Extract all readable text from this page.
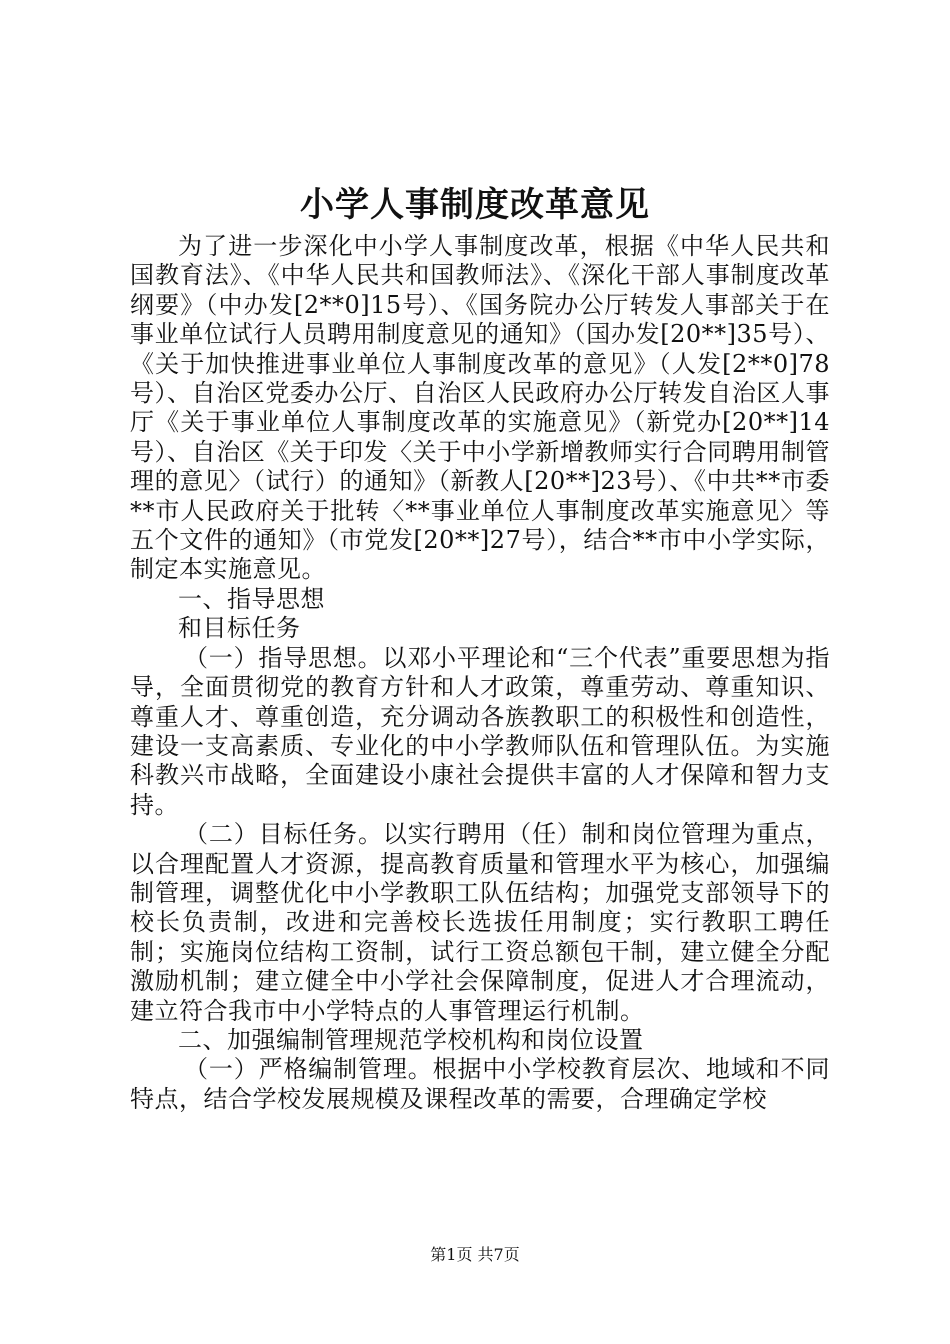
小学人事制度改革意见

为了进一步深化中小学人事制度改革，根据《中华人民共和国教育法》、《中华人民共和国教师法》、《深化干部人事制度改革纲要》（中办发[2**0]15号）、《国务院办公厅转发人事部关于在事业单位试行人员聘用制度意见的通知》（国办发[20**]35号）、《关于加快推进事业单位人事制度改革的意见》（人发[2**0]78号）、自治区党委办公厅、自治区人民政府办公厅转发自治区人事厅《关于事业单位人事制度改革的实施意见》（新党办[20**]14号）、自治区《关于印发〈关于中小学新增教师实行合同聘用制管理的意见〉（试行）的通知》（新教人[20**]23号）、《中共**市委**市人民政府关于批转〈**事业单位人事制度改革实施意见〉等五个文件的通知》（市党发[20**]27号），结合**市中小学实际，制定本实施意见。

一、指导思想

和目标任务

（一）指导思想。以邓小平理论和“三个代表”重要思想为指导，全面贯彻党的教育方针和人才政策，尊重劳动、尊重知识、尊重人才、尊重创造，充分调动各族教职工的积极性和创造性，建设一支高素质、专业化的中小学教师队伍和管理队伍。为实施科教兴市战略，全面建设小康社会提供丰富的人才保障和智力支持。

（二）目标任务。以实行聘用（任）制和岗位管理为重点，以合理配置人才资源，提高教育质量和管理水平为核心，加强编制管理，调整优化中小学教职工队伍结构；加强党支部领导下的校长负责制，改进和完善校长选拔任用制度；实行教职工聘任制；实施岗位结构工资制，试行工资总额包干制，建立健全分配激励机制；建立健全中小学社会保障制度，促进人才合理流动，建立符合我市中小学特点的人事管理运行机制。

二、加强编制管理规范学校机构和岗位设置

（一）严格编制管理。根据中小学校教育层次、地域和不同特点，结合学校发展规模及课程改革的需要，合理确定学校

第1页 共7页
